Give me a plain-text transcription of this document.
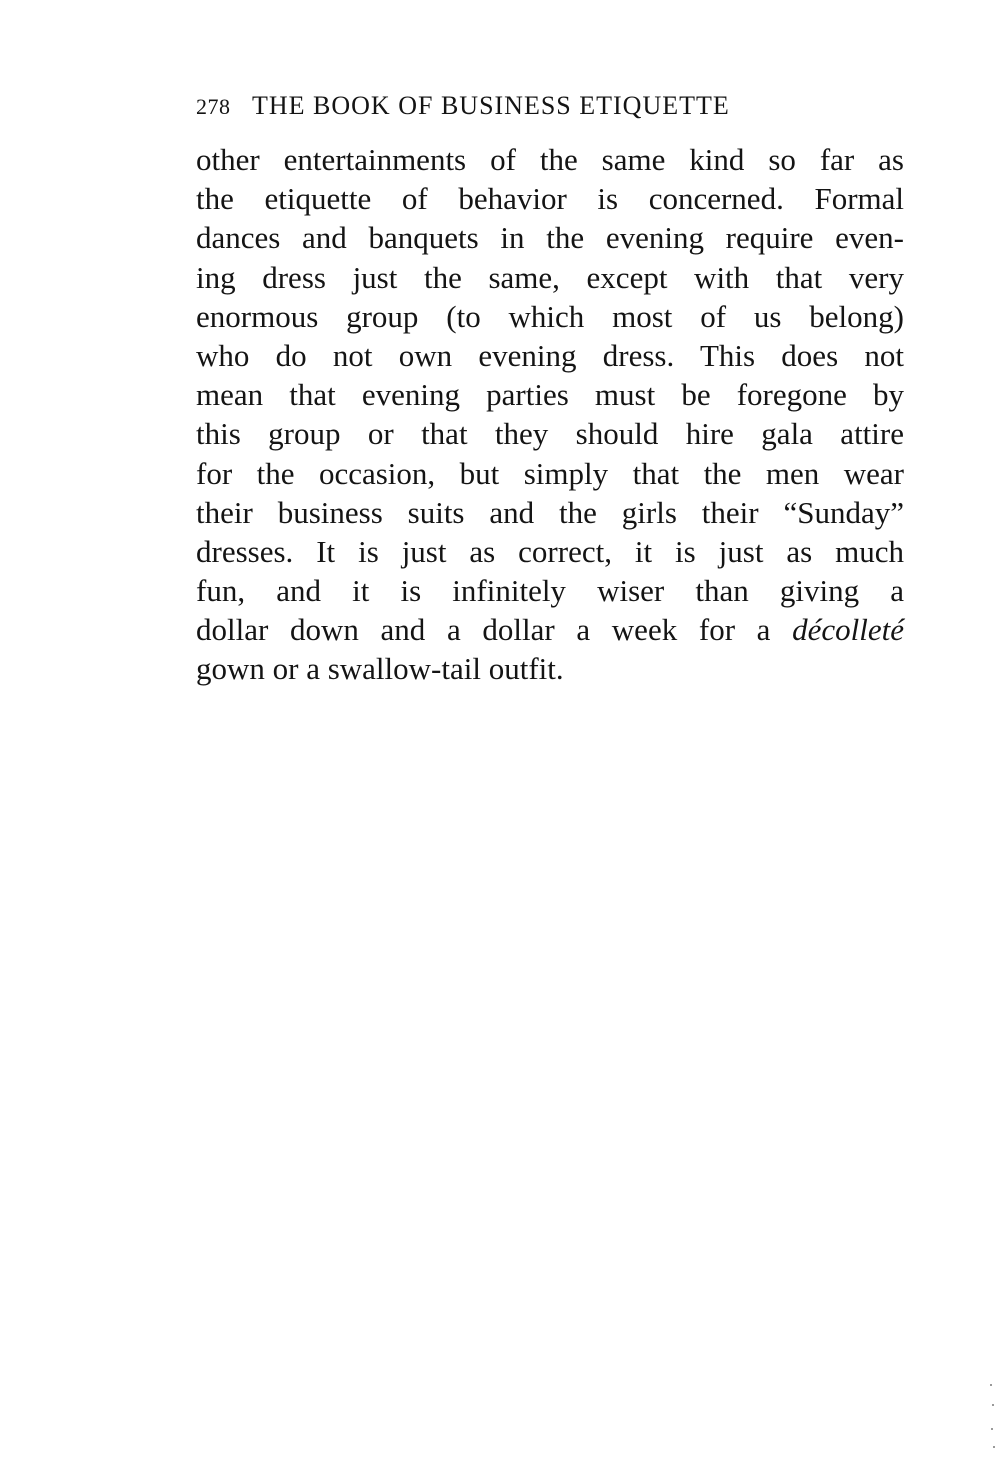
278 THE BOOK OF BUSINESS ETIQUETTE
other entertainments of the same kind so far as
the etiquette of behavior is concerned. Formal
dances and banquets in the evening require even-
ing dress just the same, except with that very
enormous group (to which most of us belong)
who do not own evening dress. This does not
mean that evening parties must be foregone by
this group or that they should hire gala attire
for the occasion, but simply that the men wear
their business suits and the girls their “Sunday”
dresses. It is just as correct, it is just as much
fun, and it is infinitely wiser than giving a
dollar down and a dollar a week for a décolleté
gown or a swallow-tail outfit.
